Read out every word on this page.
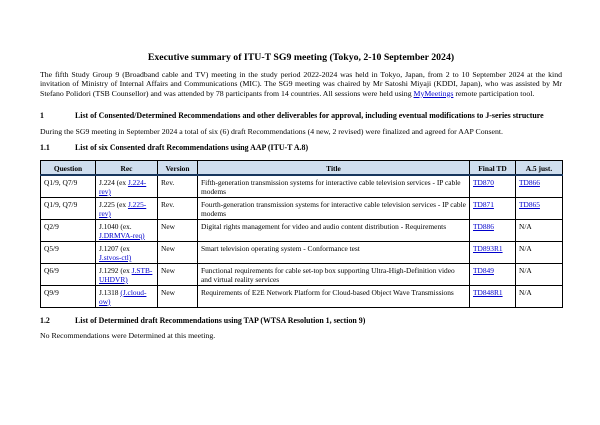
Executive summary of ITU-T SG9 meeting (Tokyo, 2-10 September 2024)

The fifth Study Group 9 (Broadband cable and TV) meeting in the study period 2022-2024 was held in Tokyo, Japan, from 2 to 10 September 2024 at the kind invitation of Ministry of Internal Affairs and Communications (MIC). The SG9 meeting was chaired by Mr Satoshi Miyaji (KDDI, Japan), who was assisted by Mr Stefano Polidori (TSB Counsellor) and was attended by 78 participants from 14 countries. All sessions were held using MyMeetings remote participation tool.

1	List of Consented/Determined Recommendations and other deliverables for approval, including eventual modifications to J-series structure

During the SG9 meeting in September 2024 a total of six (6) draft Recommendations (4 new, 2 revised) were finalized and agreed for AAP Consent.

1.1	List of six Consented draft Recommendations using AAP (ITU-T A.8)
Question	Rec	Version	Title	Final TD	A.5 just.
Q1/9, Q7/9	J.224 (ex J.224-rev)	Rev.	Fifth-generation transmission systems for interactive cable television services - IP cable modems	TD870	TD866
Q1/9, Q7/9	J.225 (ex J.225-rev)	Rev.	Fourth-generation transmission systems for interactive cable television services - IP cable modems	TD871	TD865
Q2/9	J.1040 (ex. J.DRMVA-req)	New	Digital rights management for video and audio content distribution - Requirements	TD886	N/A
Q5/9	J.1207 (ex J.stvos-ctl)	New	Smart television operating system - Conformance test	TD893R1	N/A
Q6/9	J.1292 (ex J.STB-UHDVR)	New	Functional requirements for cable set-top box supporting Ultra-High-Definition video and virtual reality services	TD849	N/A
Q9/9	J.1318 (J.cloud-ow)	New	Requirements of E2E Network Platform for Cloud-based Object Wave Transmissions	TD848R1	N/A
1.2	List of Determined draft Recommendations using TAP (WTSA Resolution 1, section 9)

No Recommendations were Determined at this meeting.
